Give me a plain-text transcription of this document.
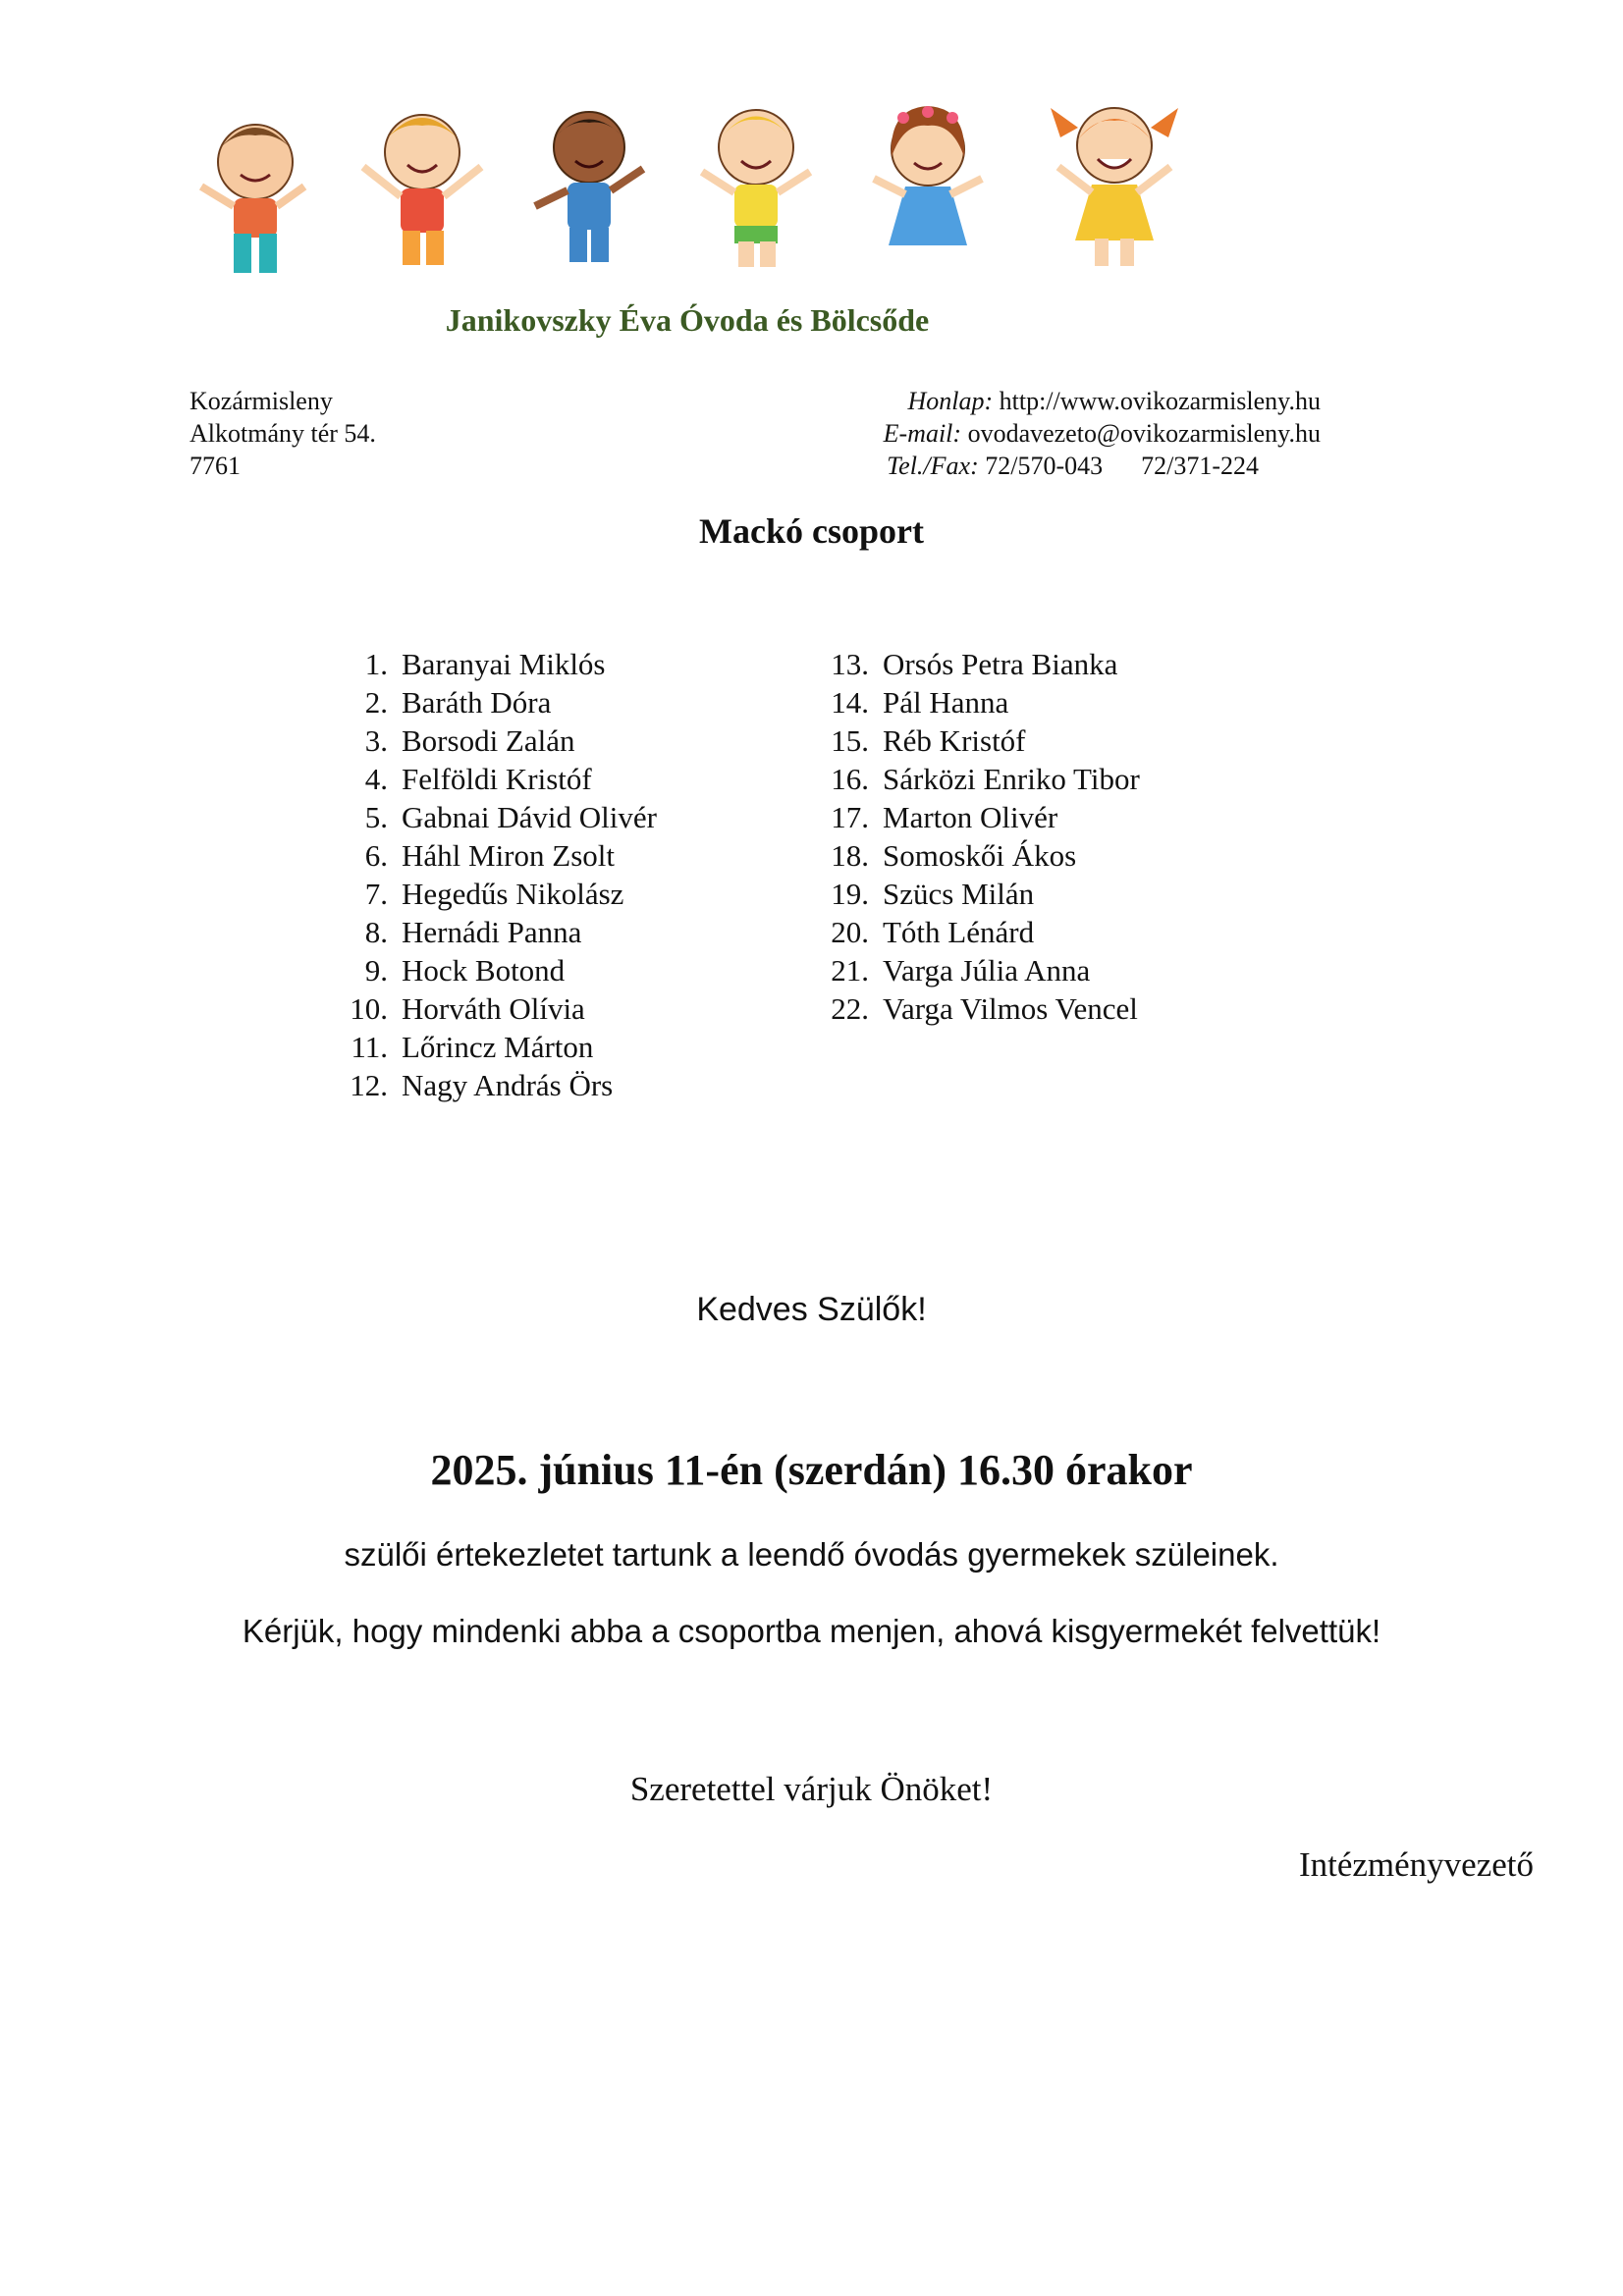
Janikovszky Éva Óvoda és Bölcsőde
Kozármisleny
Alkotmány tér 54.
7761
Honlap: http://www.ovikozarmisleny.hu
E-mail: ovodavezeto@ovikozarmisleny.hu
Tel./Fax: 72/570-043      72/371-224
Mackó csoport
1. Baranyai Miklós
2. Baráth Dóra
3. Borsodi Zalán
4. Felföldi Kristóf
5. Gabnai Dávid Olivér
6. Háhl Miron Zsolt
7. Hegedűs Nikolász
8. Hernádi Panna
9. Hock Botond
10. Horváth Olívia
11. Lőrincz Márton
12. Nagy András Örs
13. Orsós Petra Bianka
14. Pál Hanna
15. Réb Kristóf
16. Sárközi Enriko Tibor
17. Marton Olivér
18. Somoskői Ákos
19. Szücs Milán
20. Tóth Lénárd
21. Varga Júlia Anna
22. Varga Vilmos Vencel
Kedves Szülők!
2025. június 11-én (szerdán) 16.30 órakor
szülői értekezletet tartunk a leendő óvodás gyermekek szüleinek.
Kérjük, hogy mindenki abba a csoportba menjen, ahová kisgyermekét felvettük!
Szeretettel várjuk Önöket!
Intézményvezető
